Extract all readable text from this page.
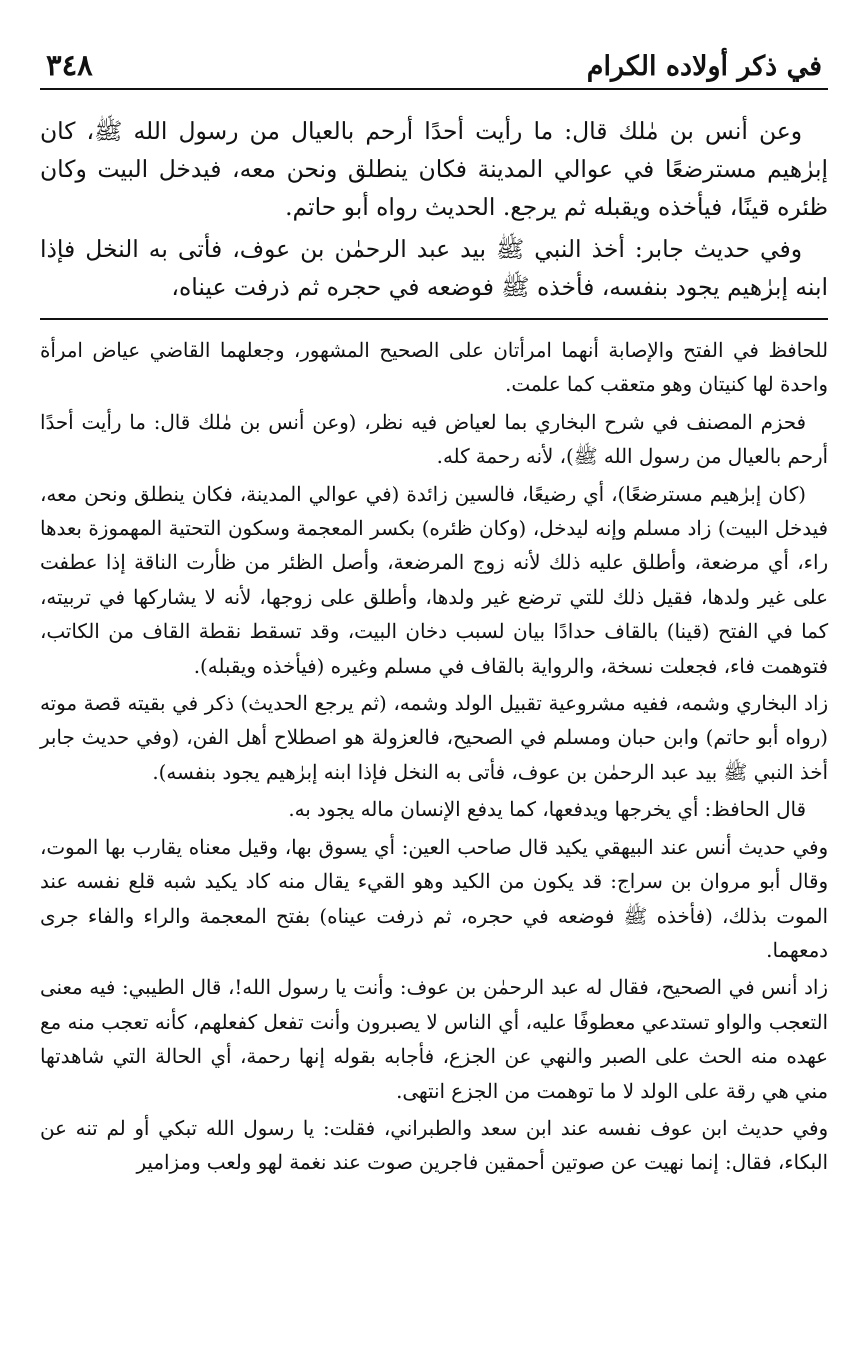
في ذكر أولاده الكرام
٣٤٨

وعن أنس بن مٰلك قال: ما رأيت أحدًا أرحم بالعيال من رسول الله ﷺ، كان إبرٰهيم مسترضعًا في عوالي المدينة فكان ينطلق ونحن معه، فيدخل البيت وكان ظئره قينًا، فيأخذه ويقبله ثم يرجع. الحديث رواه أبو حاتم.

وفي حديث جابر: أخذ النبي ﷺ بيد عبد الرحمٰن بن عوف، فأتى به النخل فإذا ابنه إبرٰهيم يجود بنفسه، فأخذه ﷺ فوضعه في حجره ثم ذرفت عيناه،

للحافظ في الفتح والإصابة أنهما امرأتان على الصحيح المشهور، وجعلهما القاضي عياض امرأة واحدة لها كنيتان وهو متعقب كما علمت.

فحزم المصنف في شرح البخاري بما لعياض فيه نظر، (وعن أنس بن مٰلك قال: ما رأيت أحدًا أرحم بالعيال من رسول الله ﷺ)، لأنه رحمة كله.

(كان إبرٰهيم مسترضعًا)، أي رضيعًا، فالسين زائدة (في عوالي المدينة، فكان ينطلق ونحن معه، فيدخل البيت) زاد مسلم وإنه ليدخل، (وكان ظئره) بكسر المعجمة وسكون التحتية المهموزة بعدها راء، أي مرضعة، وأطلق عليه ذلك لأنه زوج المرضعة، وأصل الظئر من ظأرت الناقة إذا عطفت على غير ولدها، فقيل ذلك للتي ترضع غير ولدها، وأطلق على زوجها، لأنه لا يشاركها في تربيته، كما في الفتح (قينا) بالقاف حدادًا بيان لسبب دخان البيت، وقد تسقط نقطة القاف من الكاتب، فتوهمت فاء، فجعلت نسخة، والرواية بالقاف في مسلم وغيره (فيأخذه ويقبله).

زاد البخاري وشمه، ففيه مشروعية تقبيل الولد وشمه، (ثم يرجع الحديث) ذكر في بقيته قصة موته (رواه أبو حاتم) وابن حبان ومسلم في الصحيح، فالعزولة هو اصطلاح أهل الفن، (وفي حديث جابر أخذ النبي ﷺ بيد عبد الرحمٰن بن عوف، فأتى به النخل فإذا ابنه إبرٰهيم يجود بنفسه).

قال الحافظ: أي يخرجها ويدفعها، كما يدفع الإنسان ماله يجود به.

وفي حديث أنس عند البيهقي يكيد قال صاحب العين: أي يسوق بها، وقيل معناه يقارب بها الموت، وقال أبو مروان بن سراج: قد يكون من الكيد وهو القيء يقال منه كاد يكيد شبه قلع نفسه عند الموت بذلك، (فأخذه ﷺ فوضعه في حجره، ثم ذرفت عيناه) بفتح المعجمة والراء والفاء جرى دمعهما.

زاد أنس في الصحيح، فقال له عبد الرحمٰن بن عوف: وأنت يا رسول الله!، قال الطيبي: فيه معنى التعجب والواو تستدعي معطوفًا عليه، أي الناس لا يصبرون وأنت تفعل كفعلهم، كأنه تعجب منه مع عهده منه الحث على الصبر والنهي عن الجزع، فأجابه بقوله إنها رحمة، أي الحالة التي شاهدتها مني هي رقة على الولد لا ما توهمت من الجزع انتهى.

وفي حديث ابن عوف نفسه عند ابن سعد والطبراني، فقلت: يا رسول الله تبكي أو لم تنه عن البكاء، فقال: إنما نهيت عن صوتين أحمقين فاجرين صوت عند نغمة لهو ولعب ومزامير
